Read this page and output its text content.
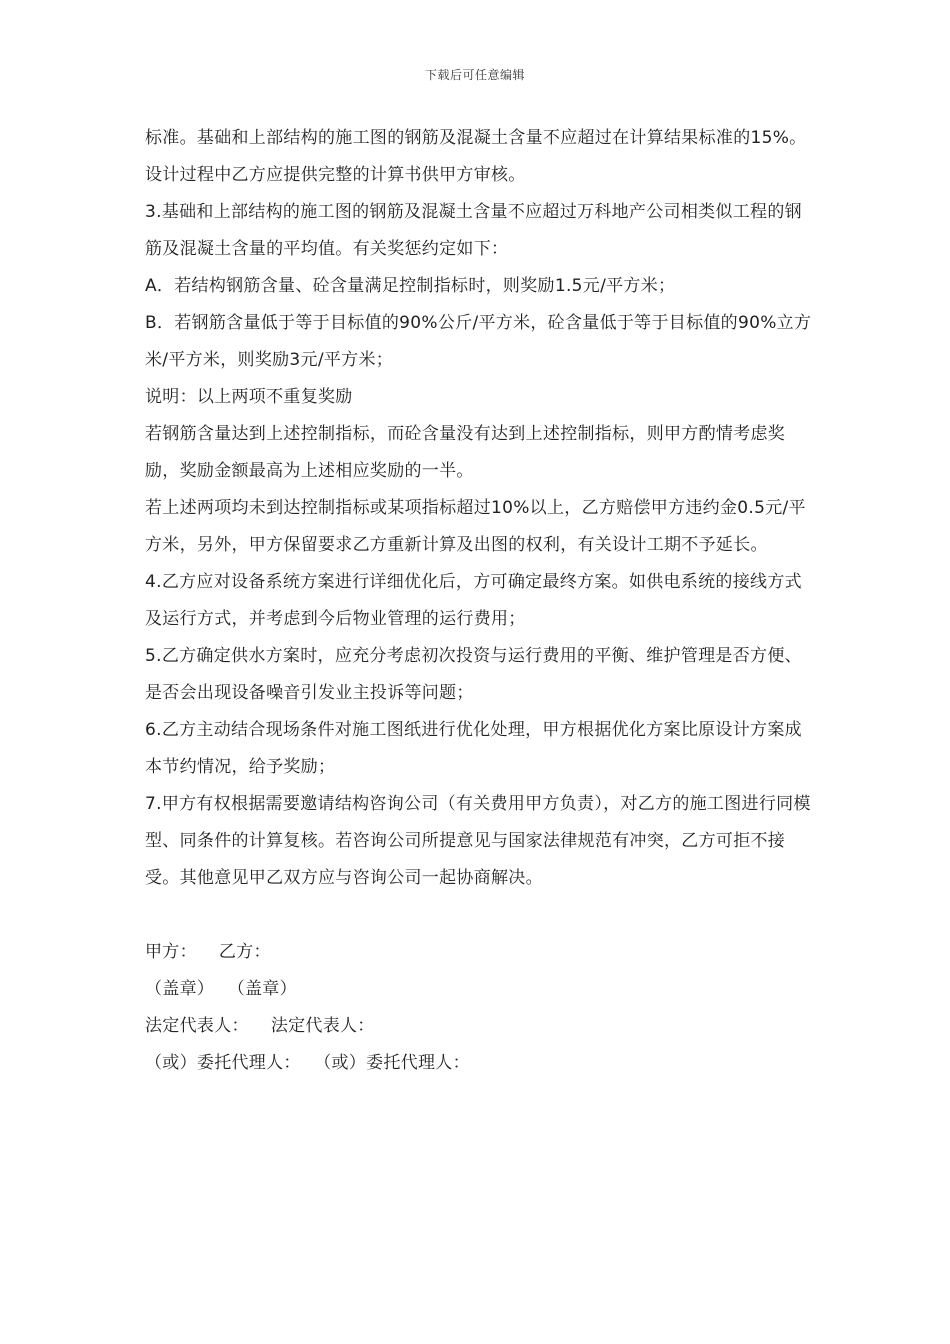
下载后可任意编辑

标准。基础和上部结构的施工图的钢筋及混凝土含量不应超过在计算结果标准的15%。设计过程中乙方应提供完整的计算书供甲方审核。

3.基础和上部结构的施工图的钢筋及混凝土含量不应超过万科地产公司相类似工程的钢筋及混凝土含量的平均值。有关奖惩约定如下：

A．若结构钢筋含量、砼含量满足控制指标时，则奖励1.5元/平方米；

B．若钢筋含量低于等于目标值的90%公斤/平方米，砼含量低于等于目标值的90%立方米/平方米，则奖励3元/平方米；

说明：以上两项不重复奖励

若钢筋含量达到上述控制指标，而砼含量没有达到上述控制指标，则甲方酌情考虑奖励，奖励金额最高为上述相应奖励的一半。

若上述两项均未到达控制指标或某项指标超过10%以上，乙方赔偿甲方违约金0.5元/平方米，另外，甲方保留要求乙方重新计算及出图的权利，有关设计工期不予延长。

4.乙方应对设备系统方案进行详细优化后，方可确定最终方案。如供电系统的接线方式及运行方式，并考虑到今后物业管理的运行费用；

5.乙方确定供水方案时，应充分考虑初次投资与运行费用的平衡、维护管理是否方便、是否会出现设备噪音引发业主投诉等问题；

6.乙方主动结合现场条件对施工图纸进行优化处理，甲方根据优化方案比原设计方案成本节约情况，给予奖励；

7.甲方有权根据需要邀请结构咨询公司（有关费用甲方负责），对乙方的施工图进行同模型、同条件的计算复核。若咨询公司所提意见与国家法律规范有冲突，乙方可拒不接受。其他意见甲乙双方应与咨询公司一起协商解决。

甲方： 乙方：

（盖章） （盖章）

法定代表人： 法定代表人：

（或）委托代理人： （或）委托代理人：
